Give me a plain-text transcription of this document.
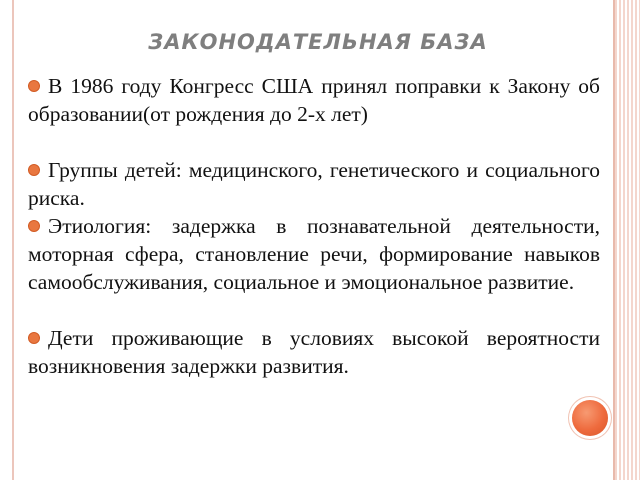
ЗАКОНОДАТЕЛЬНАЯ БАЗА

В 1986 году Конгресс США принял поправки к Закону об образовании(от рождения до 2-х лет)

Группы детей: медицинского, генетического и социального риска.

Этиология: задержка в познавательной деятельности, моторная сфера, становление речи, формирование навыков самообслуживания, социальное и эмоциональное развитие.

Дети проживающие в условиях высокой вероятности возникновения задержки развития.
